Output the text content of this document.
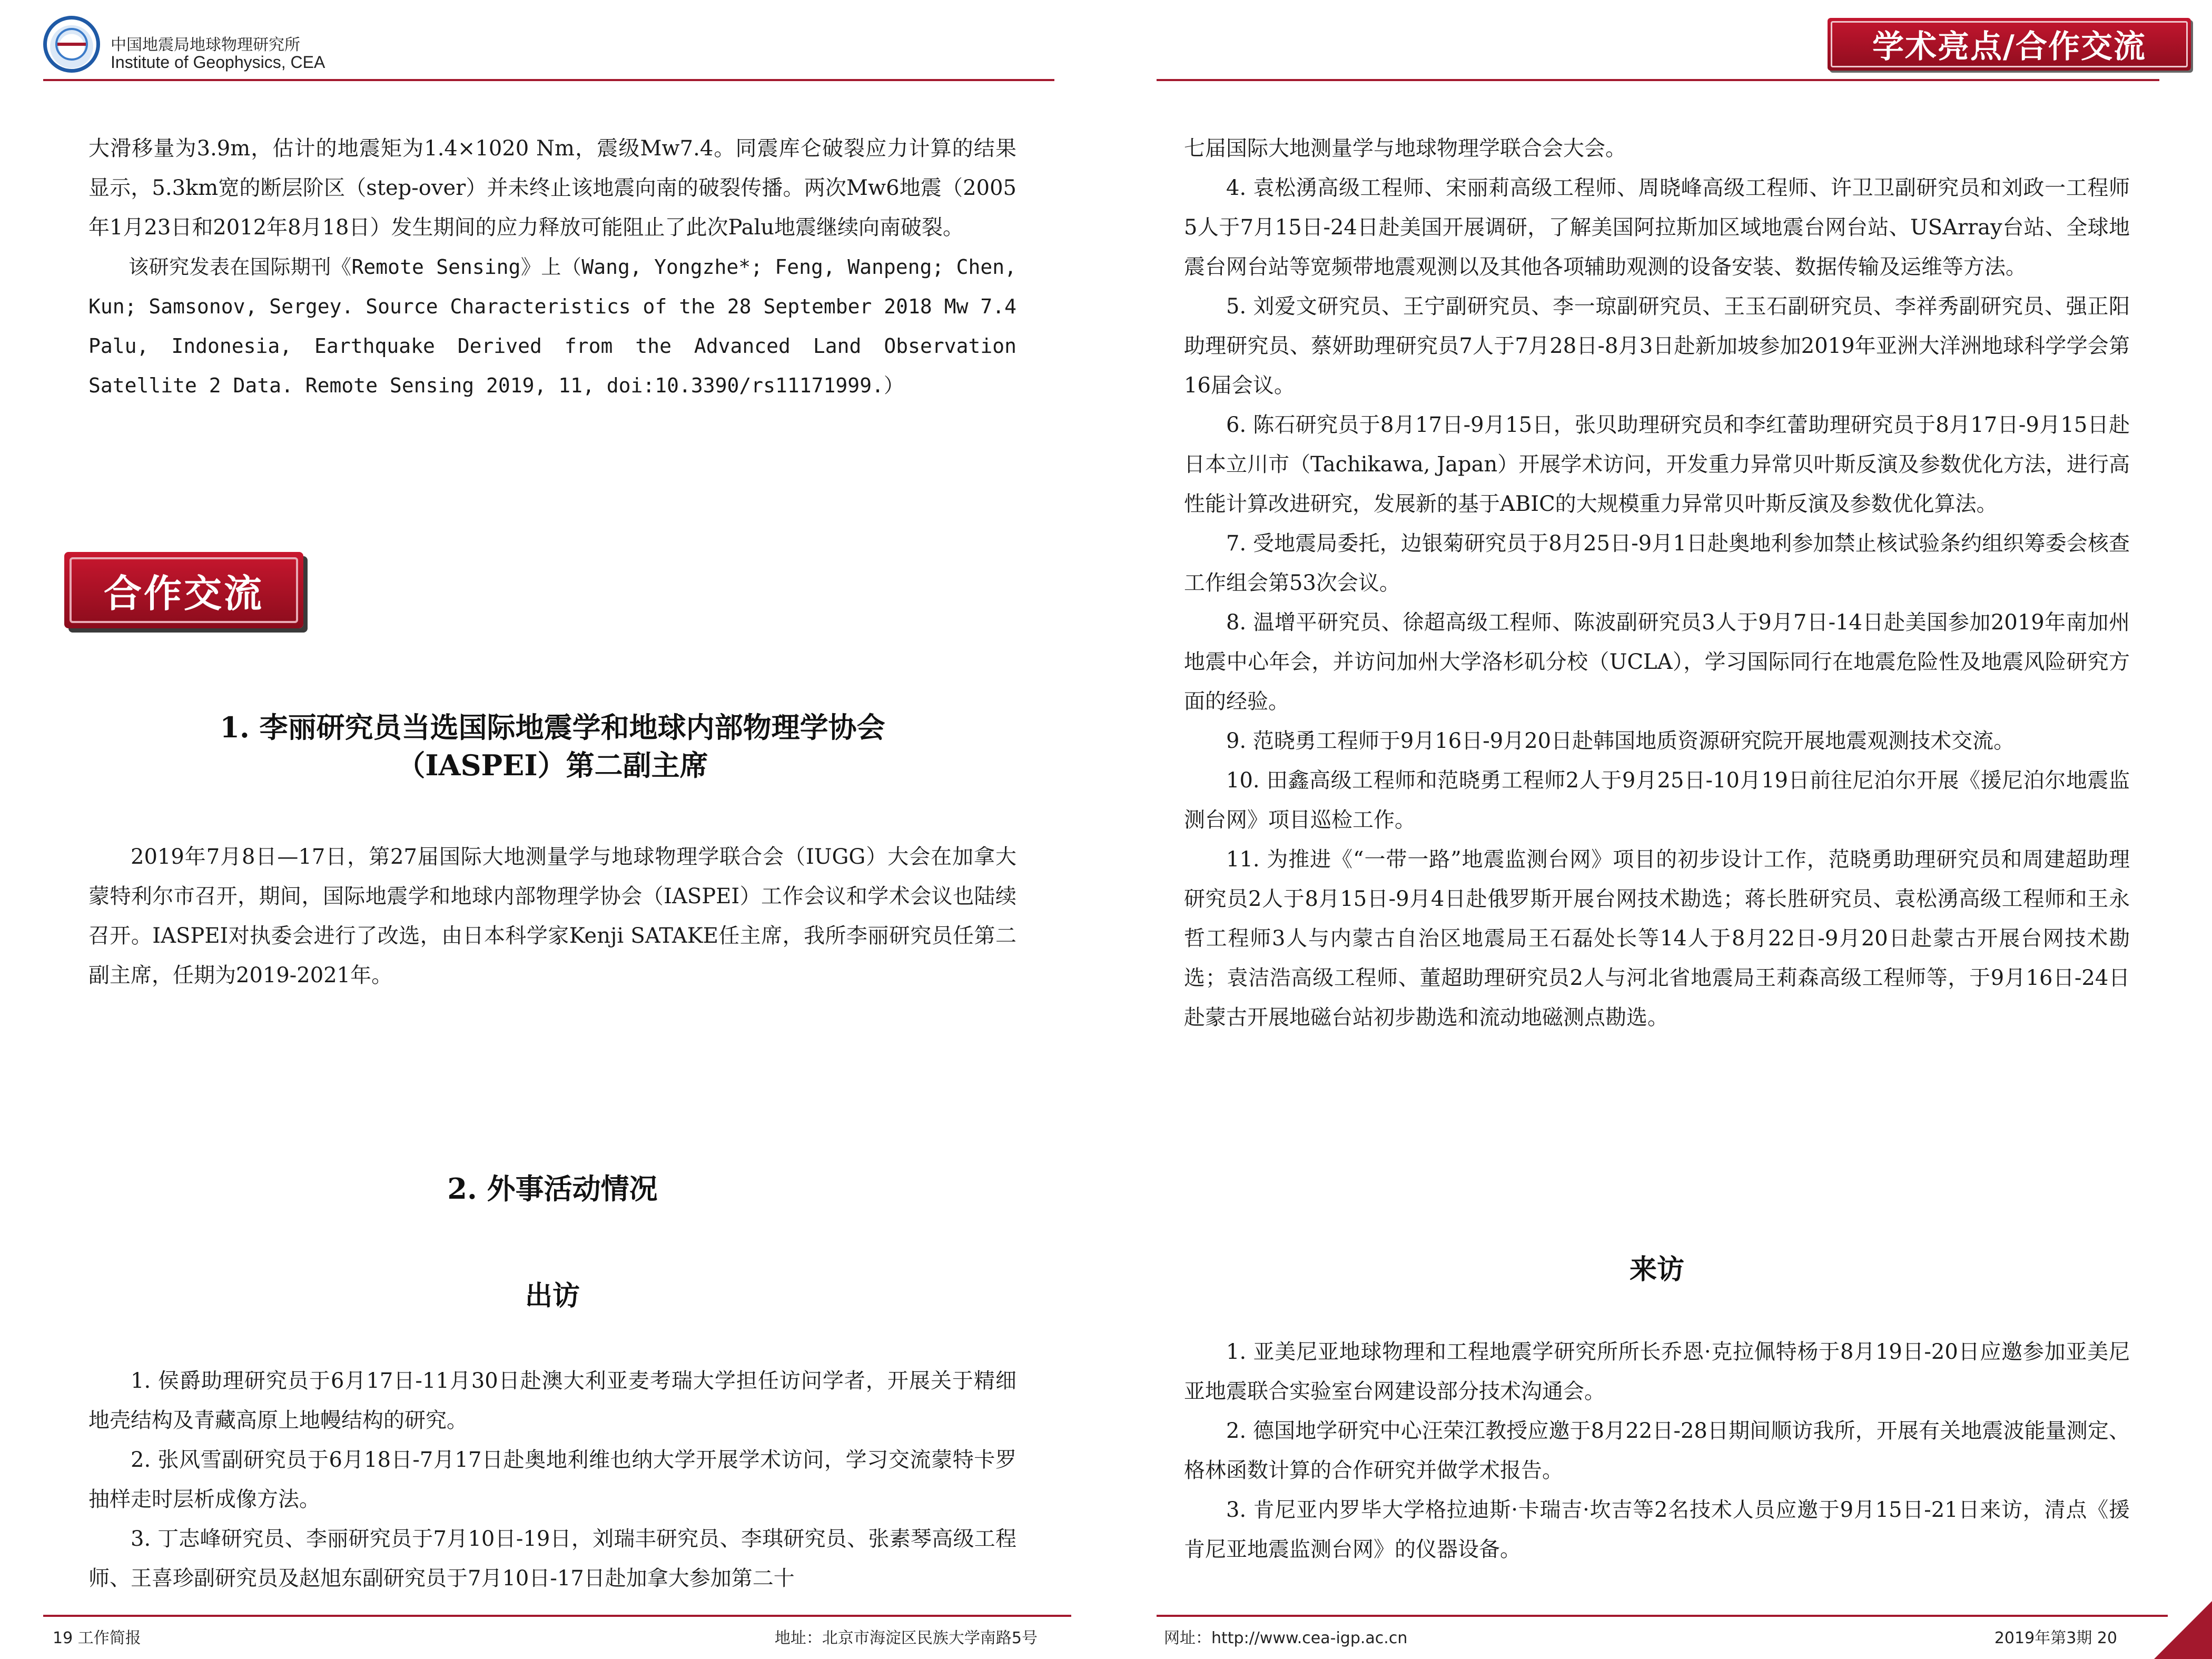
中国地震局地球物理研究所
Institute of Geophysics, CEA

大滑移量为3.9m，估计的地震矩为1.4×1020 Nm，震级Mw7.4。同震库仑破裂应力计算的结果显示，5.3km宽的断层阶区（step-over）并未终止该地震向南的破裂传播。两次Mw6地震（2005年1月23日和2012年8月18日）发生期间的应力释放可能阻止了此次Palu地震继续向南破裂。

该研究发表在国际期刊《Remote Sensing》上（Wang, Yongzhe*; Feng, Wanpeng; Chen, Kun; Samsonov, Sergey. Source Characteristics of the 28 September 2018 Mw 7.4 Palu, Indonesia, Earthquake Derived from the Advanced Land Observation Satellite 2 Data. Remote Sensing 2019, 11, doi:10.3390/rs11171999.）

合作交流
1. 李丽研究员当选国际地震学和地球内部物理学协会
（IASPEI）第二副主席

2019年7月8日—17日，第27届国际大地测量学与地球物理学联合会（IUGG）大会在加拿大蒙特利尔市召开，期间，国际地震学和地球内部物理学协会（IASPEI）工作会议和学术会议也陆续召开。IASPEI对执委会进行了改选，由日本科学家Kenji SATAKE任主席，我所李丽研究员任第二副主席，任期为2019-2021年。

2. 外事活动情况
出访

1. 侯爵助理研究员于6月17日-11月30日赴澳大利亚麦考瑞大学担任访问学者，开展关于精细地壳结构及青藏高原上地幔结构的研究。

2. 张风雪副研究员于6月18日-7月17日赴奥地利维也纳大学开展学术访问，学习交流蒙特卡罗抽样走时层析成像方法。

3. 丁志峰研究员、李丽研究员于7月10日-19日，刘瑞丰研究员、李琪研究员、张素琴高级工程师、王喜珍副研究员及赵旭东副研究员于7月10日-17日赴加拿大参加第二十

19 工作简报	地址：北京市海淀区民族大学南路5号
学术亮点/合作交流

七届国际大地测量学与地球物理学联合会大会。

4. 袁松湧高级工程师、宋丽莉高级工程师、周晓峰高级工程师、许卫卫副研究员和刘政一工程师5人于7月15日-24日赴美国开展调研，了解美国阿拉斯加区域地震台网台站、USArray台站、全球地震台网台站等宽频带地震观测以及其他各项辅助观测的设备安装、数据传输及运维等方法。

5. 刘爱文研究员、王宁副研究员、李一琼副研究员、王玉石副研究员、李祥秀副研究员、强正阳助理研究员、蔡妍助理研究员7人于7月28日-8月3日赴新加坡参加2019年亚洲大洋洲地球科学学会第16届会议。

6. 陈石研究员于8月17日-9月15日，张贝助理研究员和李红蕾助理研究员于8月17日-9月15日赴日本立川市（Tachikawa, Japan）开展学术访问，开发重力异常贝叶斯反演及参数优化方法，进行高性能计算改进研究，发展新的基于ABIC的大规模重力异常贝叶斯反演及参数优化算法。

7. 受地震局委托，边银菊研究员于8月25日-9月1日赴奥地利参加禁止核试验条约组织筹委会核查工作组会第53次会议。

8. 温增平研究员、徐超高级工程师、陈波副研究员3人于9月7日-14日赴美国参加2019年南加州地震中心年会，并访问加州大学洛杉矶分校（UCLA），学习国际同行在地震危险性及地震风险研究方面的经验。

9. 范晓勇工程师于9月16日-9月20日赴韩国地质资源研究院开展地震观测技术交流。

10. 田鑫高级工程师和范晓勇工程师2人于9月25日-10月19日前往尼泊尔开展《援尼泊尔地震监测台网》项目巡检工作。

11. 为推进《“一带一路”地震监测台网》项目的初步设计工作，范晓勇助理研究员和周建超助理研究员2人于8月15日-9月4日赴俄罗斯开展台网技术勘选；蒋长胜研究员、袁松湧高级工程师和王永哲工程师3人与内蒙古自治区地震局王石磊处长等14人于8月22日-9月20日赴蒙古开展台网技术勘选；袁洁浩高级工程师、董超助理研究员2人与河北省地震局王莉森高级工程师等，于9月16日-24日赴蒙古开展地磁台站初步勘选和流动地磁测点勘选。

来访

1. 亚美尼亚地球物理和工程地震学研究所所长乔恩·克拉佩特杨于8月19日-20日应邀参加亚美尼亚地震联合实验室台网建设部分技术沟通会。

2. 德国地学研究中心汪荣江教授应邀于8月22日-28日期间顺访我所，开展有关地震波能量测定、格林函数计算的合作研究并做学术报告。

3. 肯尼亚内罗毕大学格拉迪斯·卡瑞吉·坎吉等2名技术人员应邀于9月15日-21日来访，清点《援肯尼亚地震监测台网》的仪器设备。

网址：http://www.cea-igp.ac.cn	2019年第3期 20
